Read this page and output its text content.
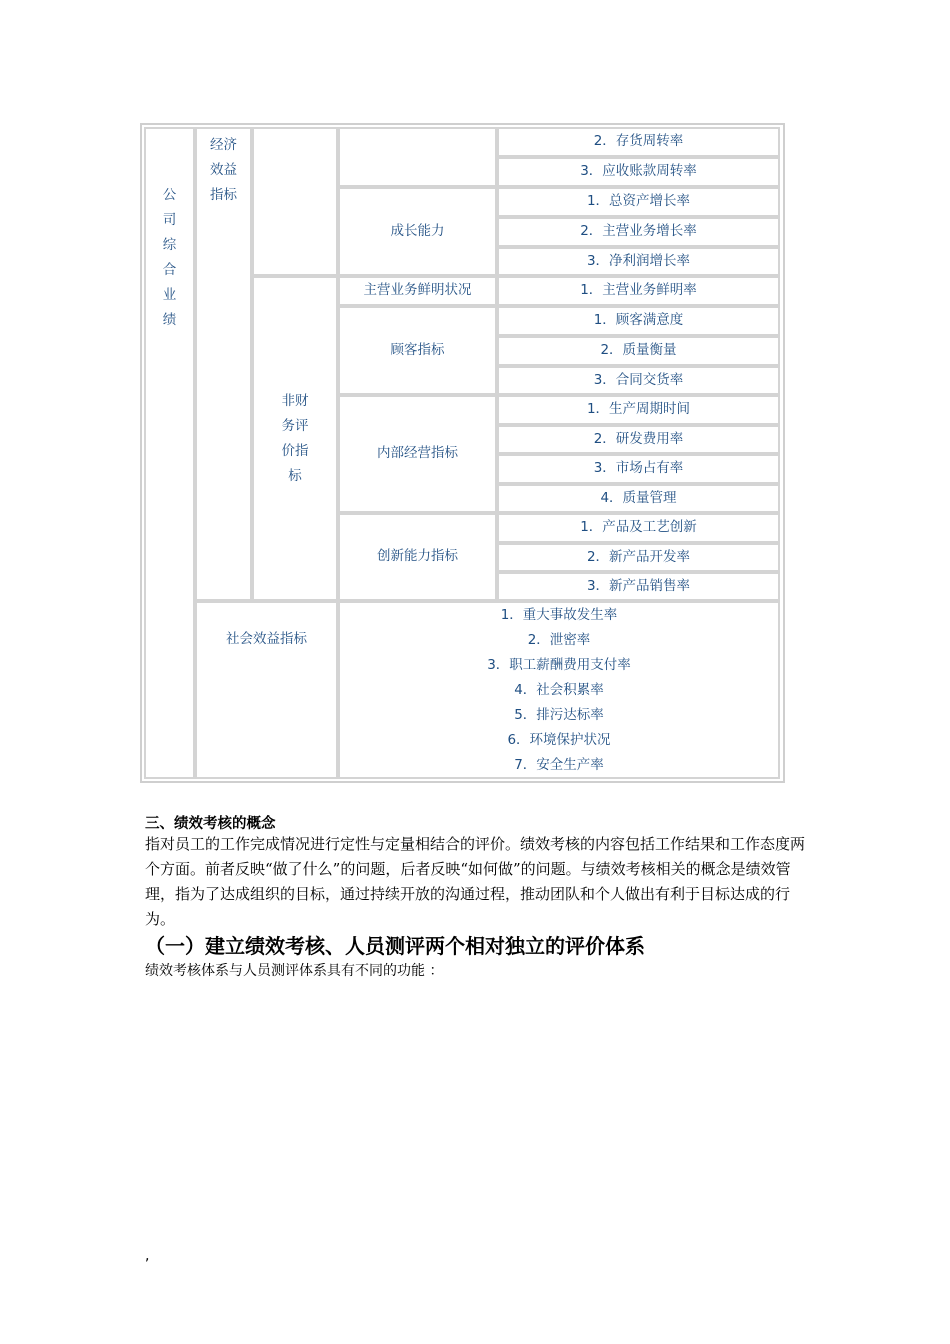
公
司
综
合
业
绩
经济
效益
指标
2．存货周转率
3．应收账款周转率
成长能力
1．总资产增长率
2．主营业务增长率
3．净利润增长率
非财
务评
价指
标
主营业务鲜明状况	1．主营业务鲜明率
顾客指标
1．顾客满意度
2．质量衡量
3．合同交货率
内部经营指标
1．生产周期时间
2．研发费用率
3．市场占有率
4．质量管理
创新能力指标
1．产品及工艺创新
2．新产品开发率
3．新产品销售率
社会效益指标
1．重大事故发生率
2．泄密率
3．职工薪酬费用支付率
4．社会积累率
5．排污达标率
6．环境保护状况
7．安全生产率
三、绩效考核的概念
指对员工的工作完成情况进行定性与定量相结合的评价。绩效考核的内容包括工作结果和工作态度两个方面。前者反映“做了什么”的问题，后者反映“如何做”的问题。与绩效考核相关的概念是绩效管理，指为了达成组织的目标，通过持续开放的沟通过程，推动团队和个人做出有利于目标达成的行为。
（一）建立绩效考核、人员测评两个相对独立的评价体系
绩效考核体系与人员测评体系具有不同的功能 ：
,
